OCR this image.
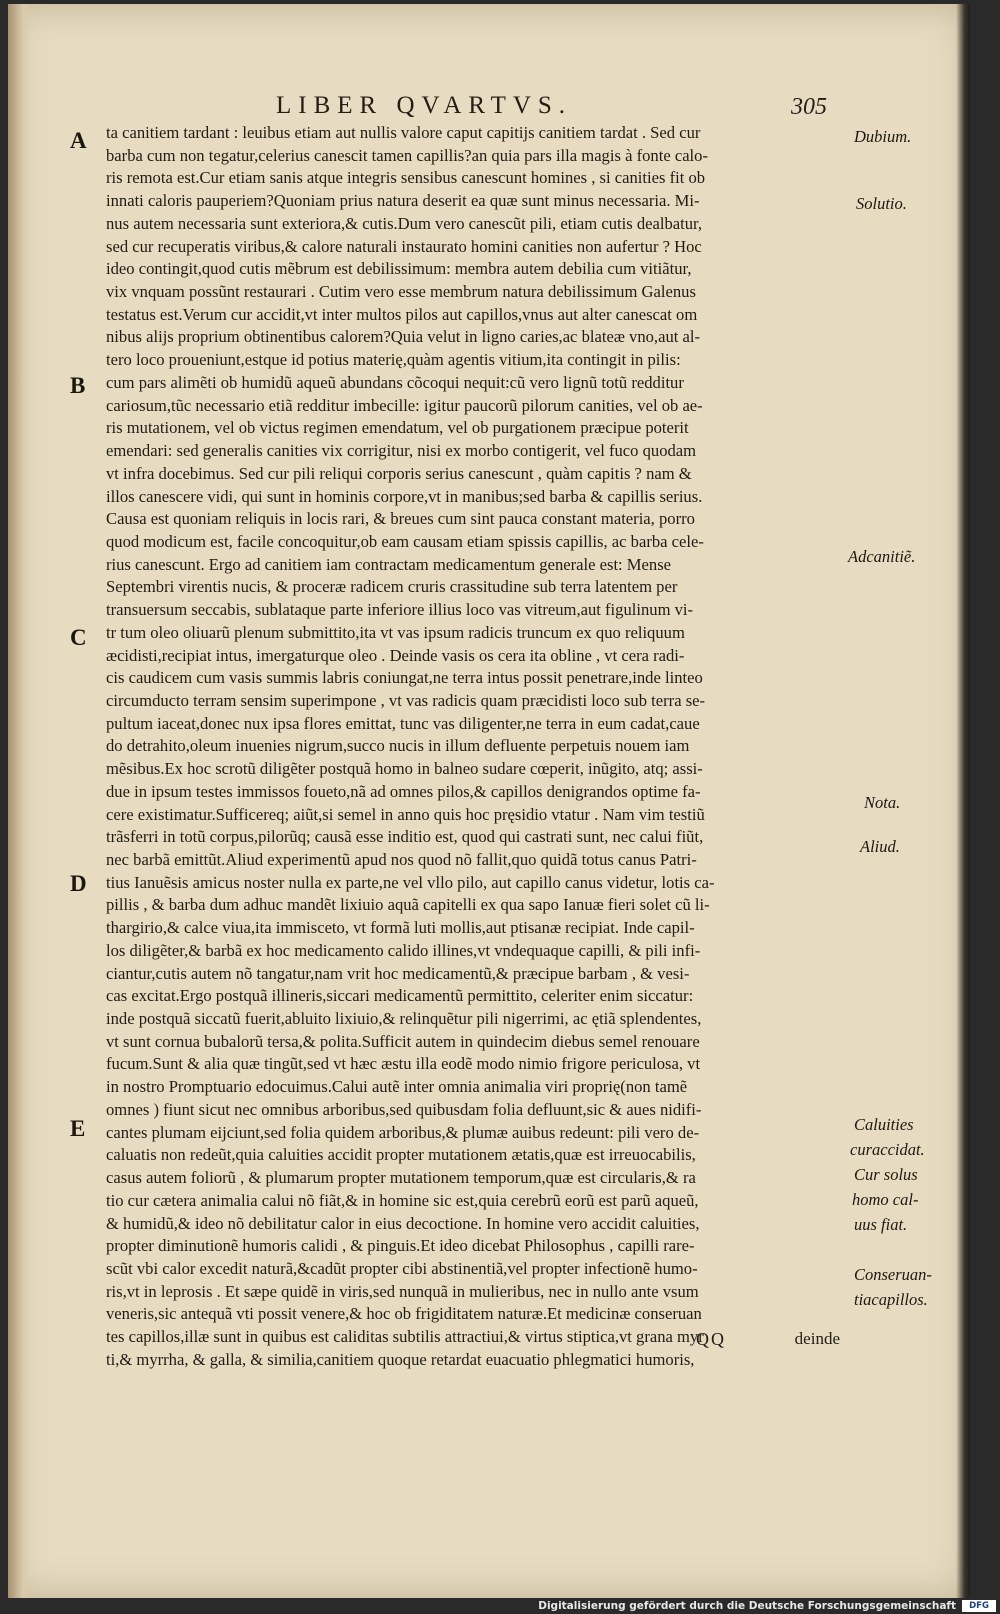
LIBER QVARTVS.	305
A
B
C
D
E
ta canitiem tardant : leuibus etiam aut nullis valore caput capitijs canitiem tardat . Sed cur
barba cum non tegatur,celerius canescit tamen capillis?an quia pars illa magis à fonte calo-
ris remota est.Cur etiam sanis atque integris sensibus canescunt homines , si canities fit ob
innati caloris pauperiem?Quoniam prius natura deserit ea quæ sunt minus necessaria. Mi-
nus autem necessaria sunt exteriora,& cutis.Dum vero canescũt pili, etiam cutis dealbatur,
sed cur recuperatis viribus,& calore naturali instaurato homini canities non aufertur ? Hoc
ideo contingit,quod cutis mẽbrum est debilissimum: membra autem debilia cum vitiãtur,
vix vnquam possũnt restaurari . Cutim vero esse membrum natura debilissimum Galenus
testatus est.Verum cur accidit,vt inter multos pilos aut capillos,vnus aut alter canescat om
nibus alijs proprium obtinentibus calorem?Quia velut in ligno caries,ac blateæ vno,aut al-
tero loco proueniunt,estque id potius materię,quàm agentis vitium,ita contingit in pilis:
cum pars alimẽti ob humidũ aqueũ abundans cõcoqui nequit:cũ vero lignũ totũ redditur
cariosum,tũc necessario etiã redditur imbecille: igitur paucorũ pilorum canities, vel ob ae-
ris mutationem, vel ob victus regimen emendatum, vel ob purgationem præcipue poterit
emendari: sed generalis canities vix corrigitur, nisi ex morbo contigerit, vel fuco quodam
vt infra docebimus. Sed cur pili reliqui corporis serius canescunt , quàm capitis ? nam &
illos canescere vidi, qui sunt in hominis corpore,vt in manibus;sed barba & capillis serius.
Causa est quoniam reliquis in locis rari, & breues cum sint pauca constant materia, porro
quod modicum est, facile concoquitur,ob eam causam etiam spissis capillis, ac barba cele-
rius canescunt. Ergo ad canitiem iam contractam medicamentum generale est: Mense
Septembri virentis nucis, & proceræ radicem cruris crassitudine sub terra latentem per
transuersum seccabis, sublataque parte inferiore illius loco vas vitreum,aut figulinum vi-
tr tum oleo oliuarũ plenum submittito,ita vt vas ipsum radicis truncum ex quo reliquum
æcidisti,recipiat intus, imergaturque oleo . Deinde vasis os cera ita obline , vt cera radi-
cis caudicem cum vasis summis labris coniungat,ne terra intus possit penetrare,inde linteo
circumducto terram sensim superimpone , vt vas radicis quam præcidisti loco sub terra se-
pultum iaceat,donec nux ipsa flores emittat, tunc vas diligenter,ne terra in eum cadat,caue
do detrahito,oleum inuenies nigrum,succo nucis in illum defluente perpetuis nouem iam
mẽsibus.Ex hoc scrotũ diligẽter postquã homo in balneo sudare cœperit, inũgito, atq; assi-
due in ipsum testes immissos foueto,nã ad omnes pilos,& capillos denigrandos optime fa-
cere existimatur.Sufficereq; aiũt,si semel in anno quis hoc pręsidio vtatur . Nam vim testiũ
trãsferri in totũ corpus,pilorũq; causã esse inditio est, quod qui castrati sunt, nec calui fiũt,
nec barbã emittũt.Aliud experimentũ apud nos quod nõ fallit,quo quidã totus canus Patri-
tius Ianuẽsis amicus noster nulla ex parte,ne vel vllo pilo, aut capillo canus videtur, lotis ca-
pillis , & barba dum adhuc mandẽt lixiuio aquã capitelli ex qua sapo Ianuæ fieri solet cũ li-
thargirio,& calce viua,ita immisceto, vt formã luti mollis,aut ptisanæ recipiat. Inde capil-
los diligẽter,& barbã ex hoc medicamento calido illines,vt vndequaque capilli, & pili infi-
ciantur,cutis autem nõ tangatur,nam vrit hoc medicamentũ,& præcipue barbam , & vesi-
cas excitat.Ergo postquã illineris,siccari medicamentũ permittito, celeriter enim siccatur:
inde postquã siccatũ fuerit,abluito lixiuio,& relinquẽtur pili nigerrimi, ac ętiã splendentes,
vt sunt cornua bubalorũ tersa,& polita.Sufficit autem in quindecim diebus semel renouare
fucum.Sunt & alia quæ tingũt,sed vt hæc æstu illa eodẽ modo nimio frigore periculosa, vt
in nostro Promptuario edocuimus.Calui autẽ inter omnia animalia viri proprię(non tamẽ
omnes ) fiunt sicut nec omnibus arboribus,sed quibusdam folia defluunt,sic & aues nidifi-
cantes plumam eijciunt,sed folia quidem arboribus,& plumæ auibus redeunt: pili vero de-
caluatis non redeũt,quia caluities accidit propter mutationem ætatis,quæ est irreuocabilis,
casus autem foliorũ , & plumarum propter mutationem temporum,quæ est circularis,& ra
tio cur cætera animalia calui nõ fiãt,& in homine sic est,quia cerebrũ eorũ est parũ aqueũ,
& humidũ,& ideo nõ debilitatur calor in eius decoctione. In homine vero accidit caluities,
propter diminutionẽ humoris calidi , & pinguis.Et ideo dicebat Philosophus , capilli rare-
scũt vbi calor excedit naturã,&cadũt propter cibi abstinentiã,vel propter infectionẽ humo-
ris,vt in leprosis . Et sæpe quidẽ in viris,sed nunquã in mulieribus, nec in nullo ante vsum
veneris,sic antequã vti possit venere,& hoc ob frigiditatem naturæ.Et medicinæ conseruan
tes capillos,illæ sunt in quibus est caliditas subtilis attractiui,& virtus stiptica,vt grana myr
ti,& myrrha, & galla, & similia,canitiem quoque retardat euacuatio phlegmatici humoris,
Dubium.
Solutio.
Adcanitiẽ.
Nota.
Aliud.
Caluities
curaccidat.
Cur solus
homo cal-
uus fiat.
Conseruan-
tiacapillos.
QQ	deinde
Digitalisierung gefördert durch die Deutsche Forschungsgemeinschaft	DFG
